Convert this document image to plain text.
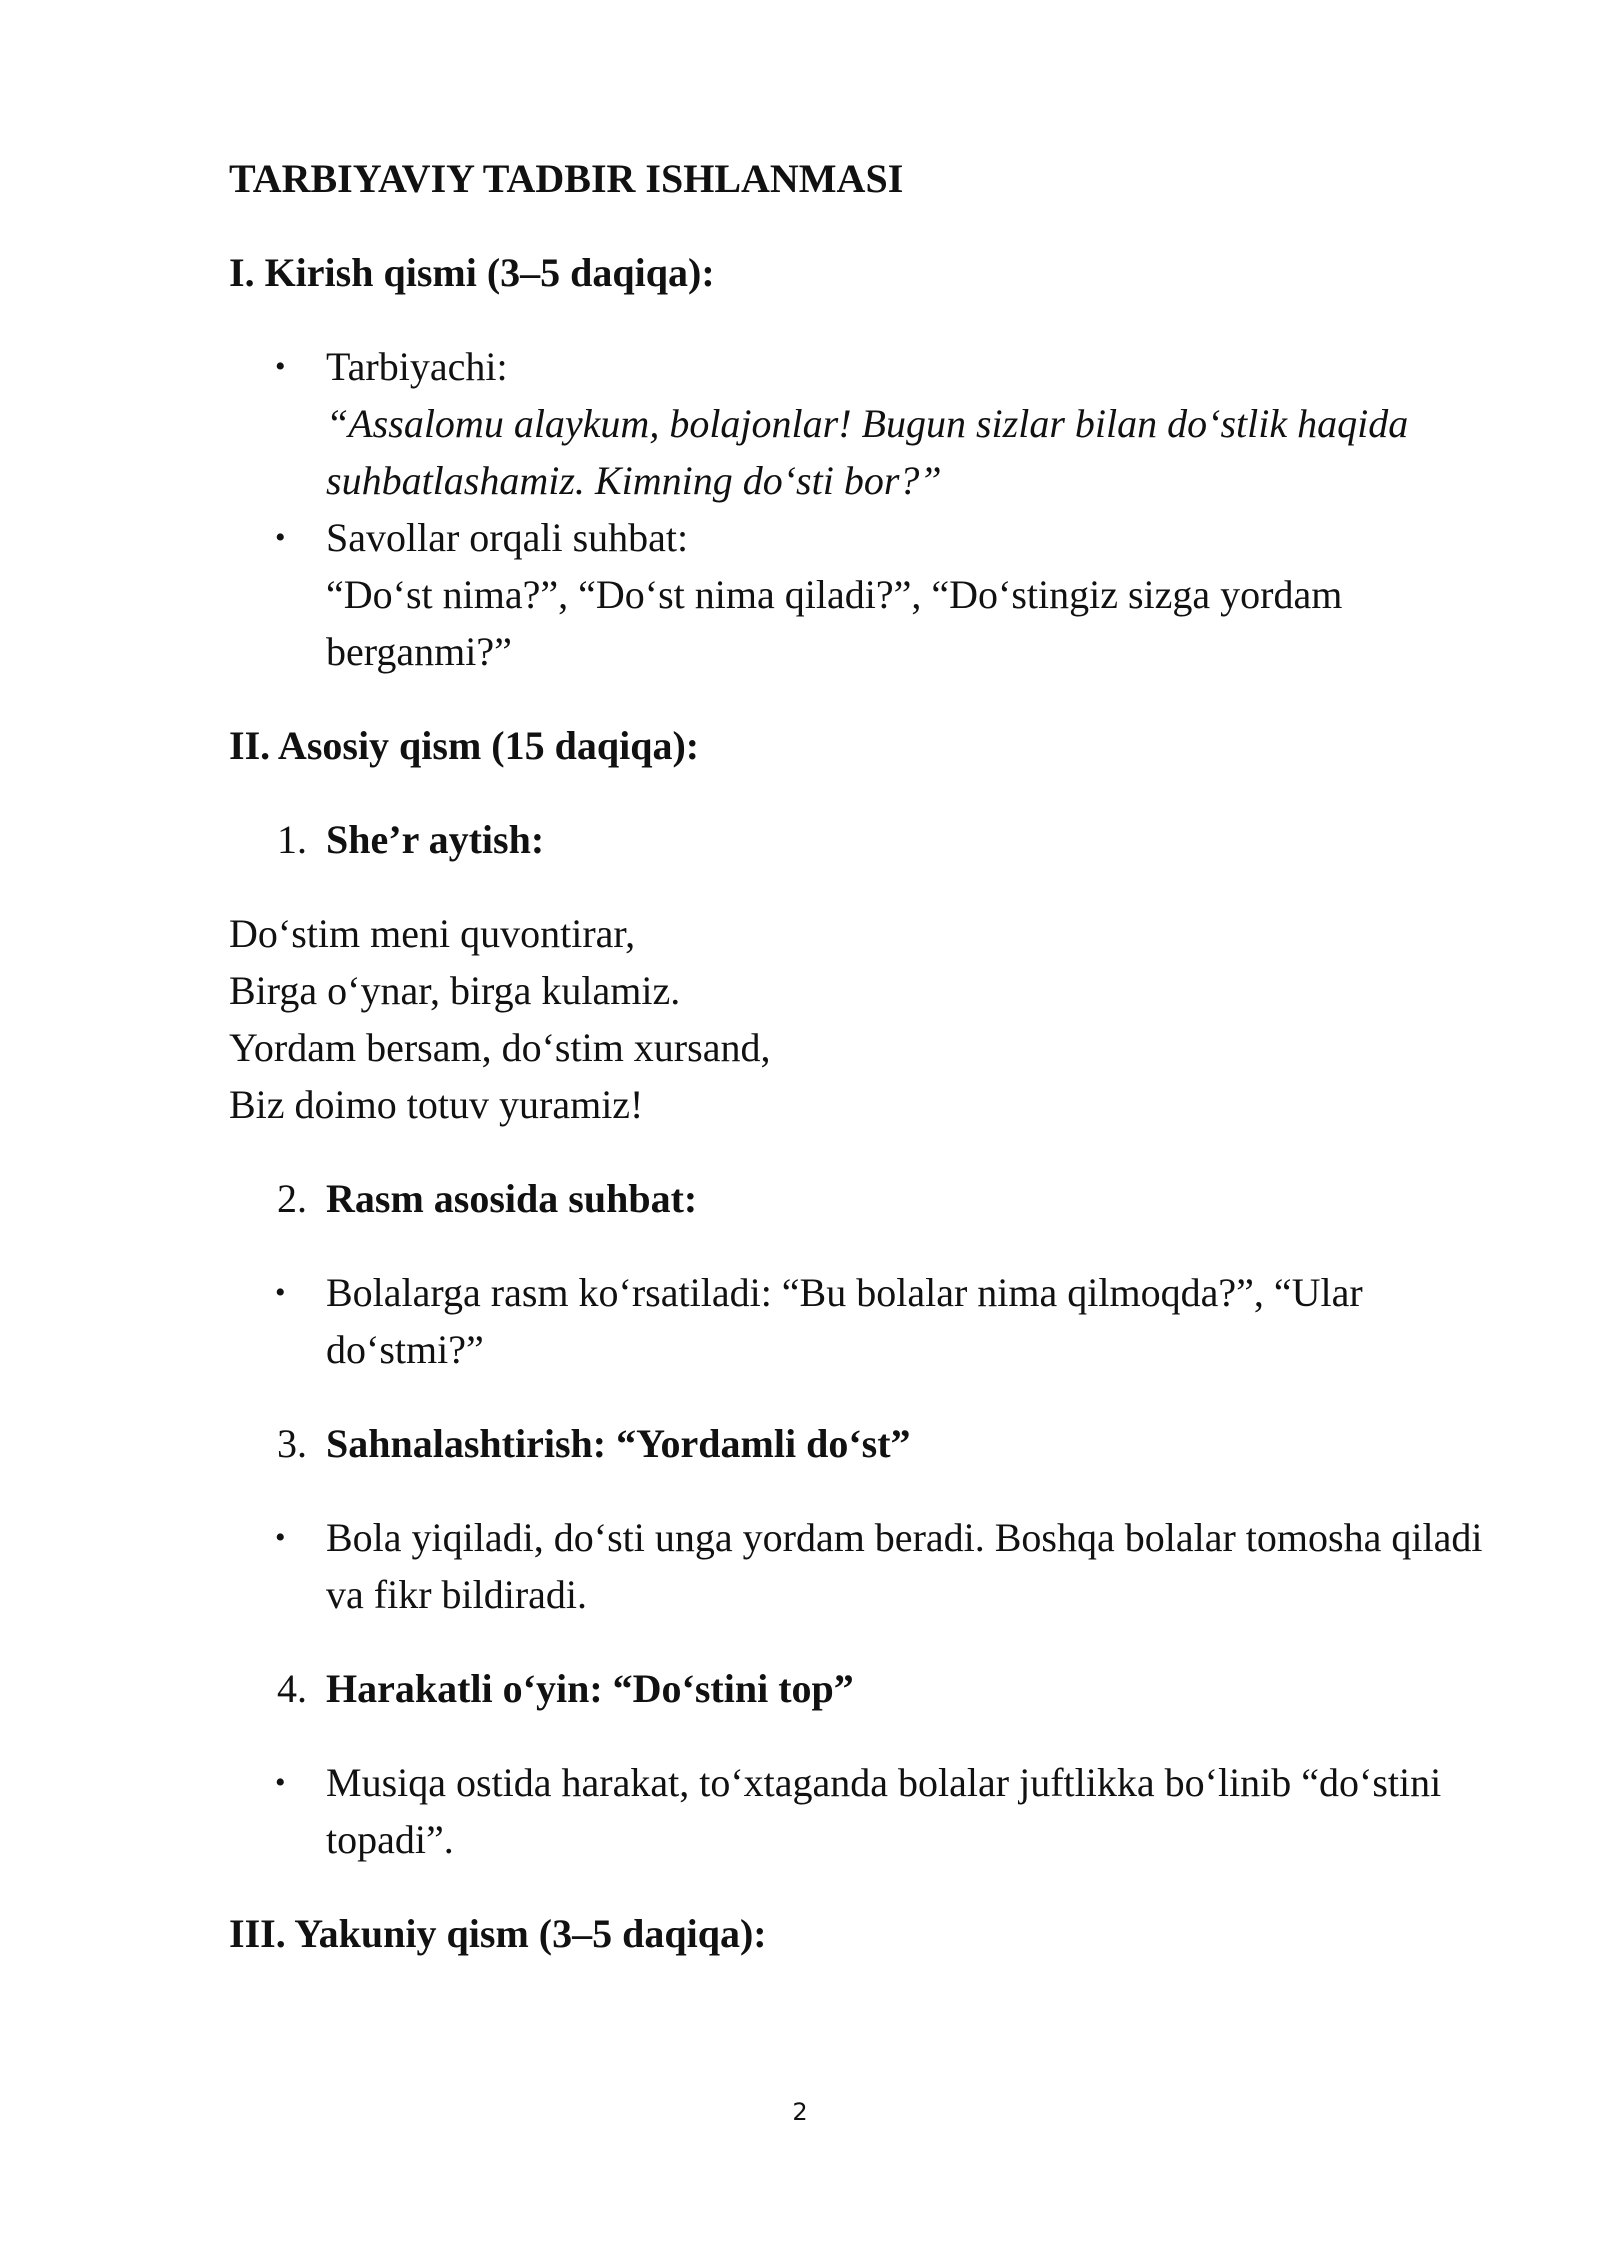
TARBIYAVIY TADBIR ISHLANMASI

I. Kirish qismi (3–5 daqiqa):

• Tarbiyachi:
“Assalomu alaykum, bolajonlar! Bugun sizlar bilan do‘stlik haqida suhbatlashamiz. Kimning do‘sti bor?”
• Savollar orqali suhbat:
“Do‘st nima?”, “Do‘st nima qiladi?”, “Do‘stingiz sizga yordam berganmi?”

II. Asosiy qism (15 daqiqa):

1. She’r aytish:

Do‘stim meni quvontirar,
Birga o‘ynar, birga kulamiz.
Yordam bersam, do‘stim xursand,
Biz doimo totuv yuramiz!

2. Rasm asosida suhbat:

• Bolalarga rasm ko‘rsatiladi: “Bu bolalar nima qilmoqda?”, “Ular do‘stmi?”

3. Sahnalashtirish: “Yordamli do‘st”

• Bola yiqiladi, do‘sti unga yordam beradi. Boshqa bolalar tomosha qiladi va fikr bildiradi.

4. Harakatli o‘yin: “Do‘stini top”

• Musiqa ostida harakat, to‘xtaganda bolalar juftlikka bo‘linib “do‘stini topadi”.

III. Yakuniy qism (3–5 daqiqa):

2
